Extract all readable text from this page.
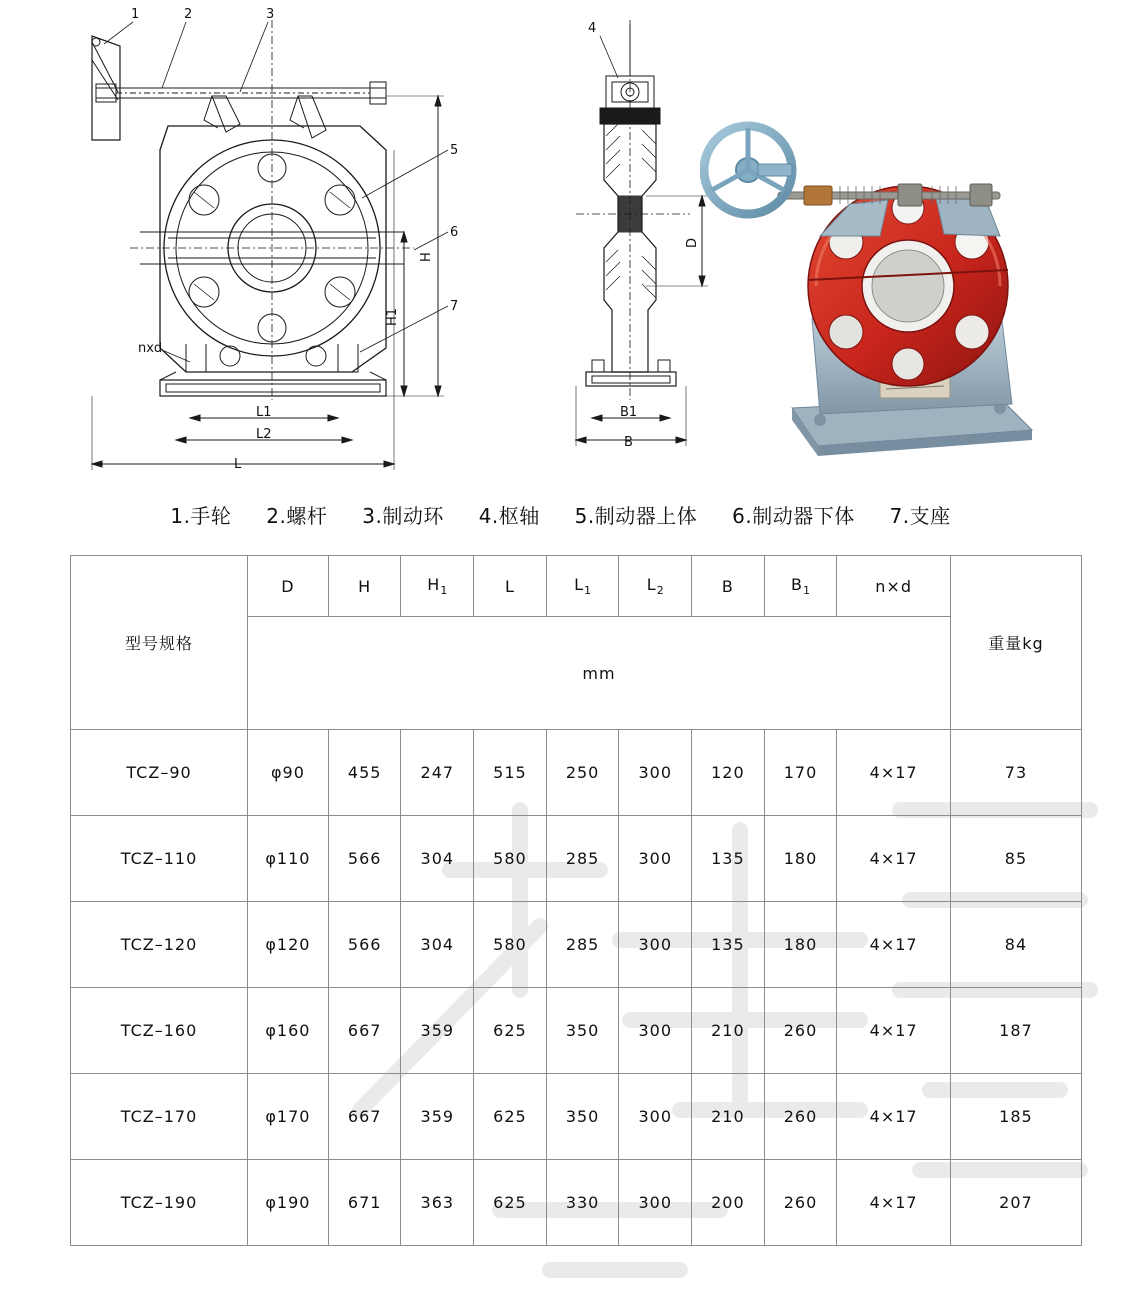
1	2	3
4
5
6
7
nxd
L1
L2
L
B1
B
H1
H
D
1.手轮 2.螺杆 3.制动环 4.枢轴 5.制动器上体 6.制动器下体 7.支座
型号规格	D	H	$H_1$	L	$L_1$	$L_2$	B	$B_1$	n×d	重量kg
	mm									
TCZ–90	φ90	455	247	515	250	300	120	170	4×17	73
TCZ–110	φ110	566	304	580	285	300	135	180	4×17	85
TCZ–120	φ120	566	304	580	285	300	135	180	4×17	84
TCZ–160	φ160	667	359	625	350	300	210	260	4×17	187
TCZ–170	φ170	667	359	625	350	300	210	260	4×17	185
TCZ–190	φ190	671	363	625	330	300	200	260	4×17	207
